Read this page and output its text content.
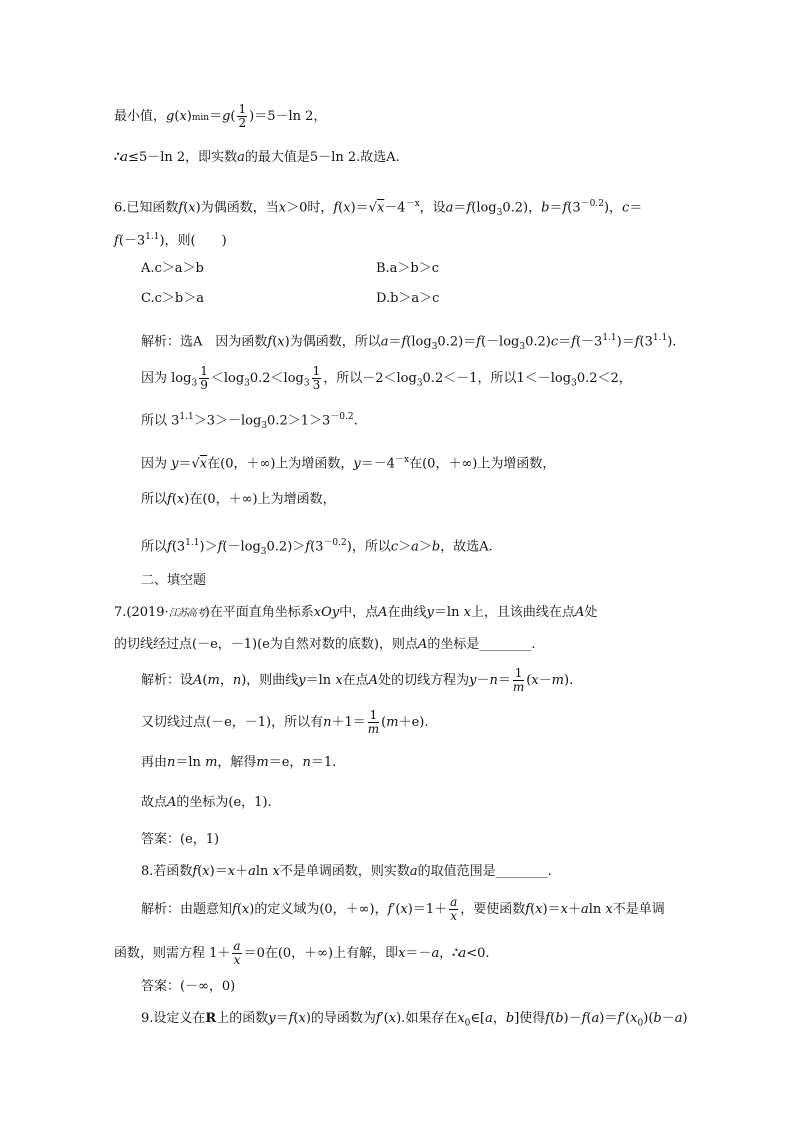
最小值，$g(x)\min=g( \frac{1}{2} )=5-\ln$ 2，
∴a≤5－ln 2，即实数a的最大值是5－ln 2.故选A.
6.已知函数f(x)为偶函数，当x＞0时，$f(x)=√x-4^{-x}$，设$a=f(\log_30.2)$，$b=f(3^{-0.2})$，c＝
$f(-3^{1.1})$，则(　　)
A.c＞a＞b	B.a＞b＞c
C.c＞b＞a	D.b＞a＞c
解析：选A　因为函数f(x)为偶函数，所以$a=f(\log_30.2)=f(-\log_30.2)c=f(-3^{1.1})=f(3^{1.1})$.
因为 $\log_3 \frac{1}{9} <\log_30.2<\log_3 \frac{1}{3}$ ，所以$-2<\log_30.2<-1$，所以$1<-\log_30.2<2$，
所以 $3^{1.1}>3>-\log_30.2>1>3^{-0.2}$.
因为 y＝√x在(0，＋∞)上为增函数，$y=-4^{-x}$在(0，＋∞)上为增函数，
所以f(x)在(0，＋∞)上为增函数，
所以$f(3^{1.1})>f(-\log_30.2)>f(3^{-0.2})$，所以c＞a＞b，故选A.
二、填空题
7.(2019·江苏高考)在平面直角坐标系xOy中，点A在曲线y＝ln x上，且该曲线在点A处
的切线经过点(－e，－1)(e为自然对数的底数)，则点A的坐标是________.
解析：设A(m，n)，则曲线y＝ln x在点A处的切线方程为$y-n= \frac{1}{m} (x-m)$.
又切线过点(－e，－1)，所以有$n+1= \frac{1}{m} (m+e)$.
再由n＝ln m，解得m＝e，n＝1.
故点A的坐标为(e，1).
答案：(e，1)
8.若函数f(x)＝x＋aln x不是单调函数，则实数a的取值范围是________.
解析：由题意知f(x)的定义域为(0，＋∞)，$f'(x)=1+ \frac{a}{x}$ ，要使函数f(x)＝x＋aln x不是单调
函数，则需方程 $1+ \frac{a}{x} =0$在(0，＋∞)上有解，即x＝－a，∴a<0.
答案：(－∞，0)
9.设定义在R上的函数y＝f(x)的导函数为f′(x).如果存在$x_0\in[a$，b]使得$f(b)-f(a)=f'(x_0)(b-a)$
